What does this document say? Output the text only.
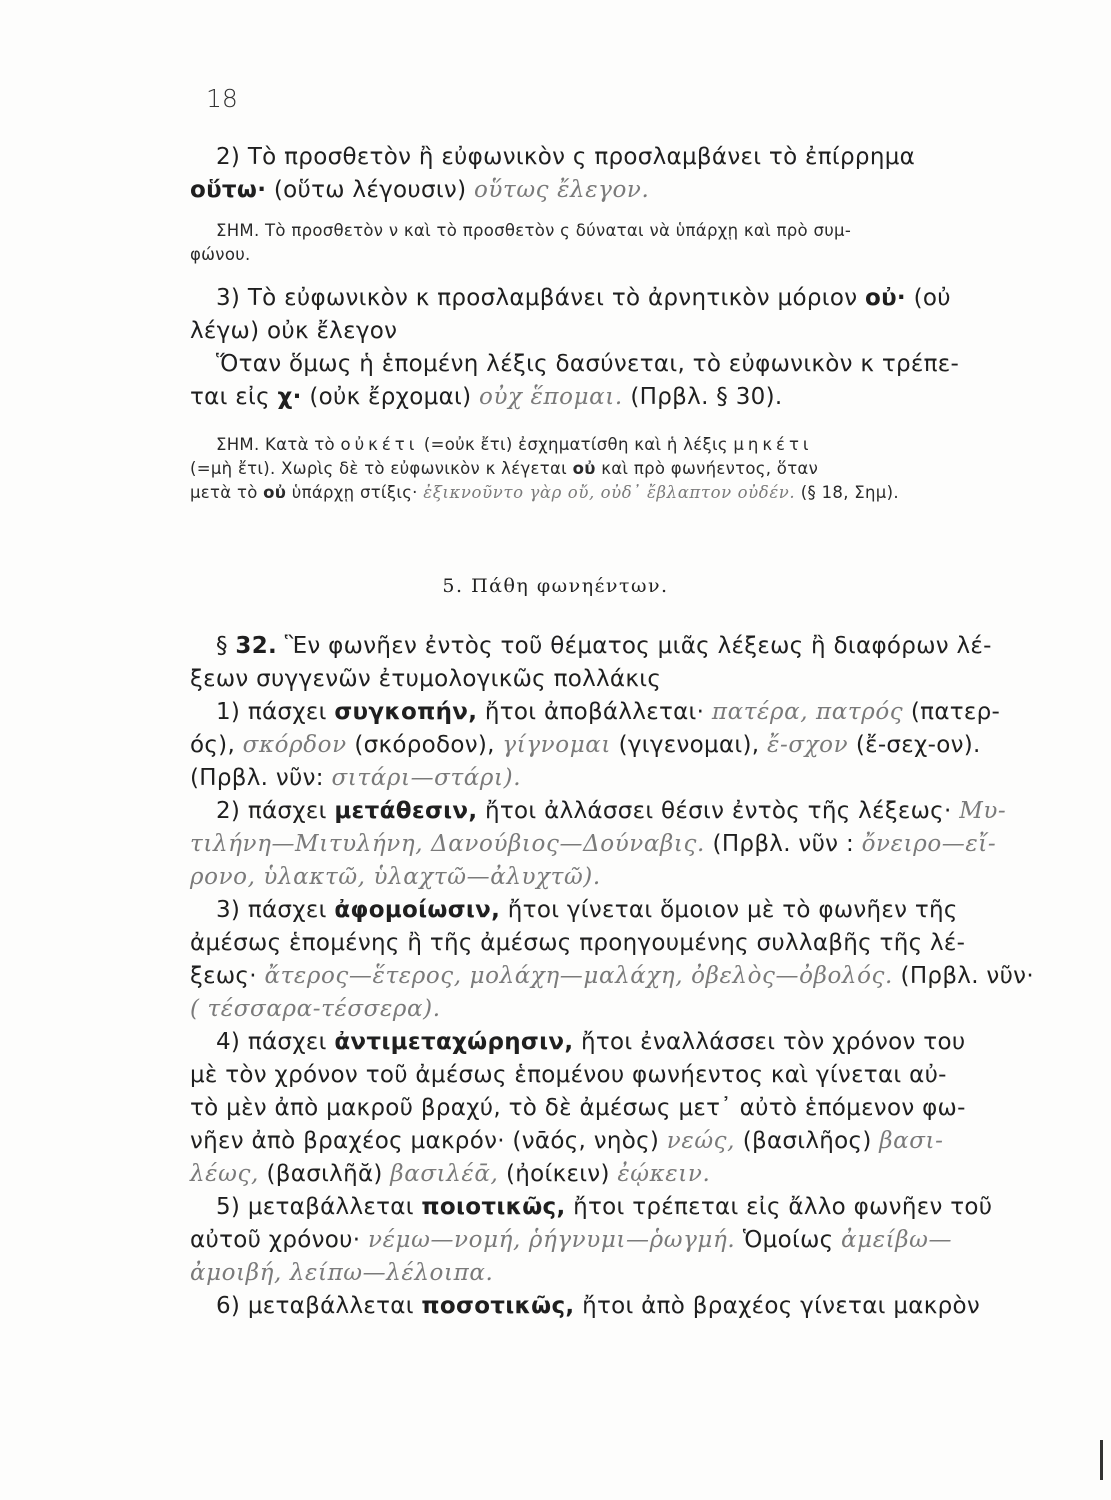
18
2) Τὸ προσθετὸν ἢ εὐφωνικὸν ς προσλαμβάνει τὸ ἐπίρρημα
οὕτω· (οὕτω λέγουσιν) οὕτως ἔλεγον.
ΣΗΜ. Τὸ προσθετὸν ν καὶ τὸ προσθετὸν ς δύναται νὰ ὑπάρχῃ καὶ πρὸ συμ-
φώνου.
3) Τὸ εὐφωνικὸν κ προσλαμβάνει τὸ ἀρνητικὸν μόριον οὐ· (οὐ
λέγω) οὐκ ἔλεγον
Ὅταν ὅμως ἡ ἑπομένη λέξις δασύνεται, τὸ εὐφωνικὸν κ τρέπε-
ται εἰς χ· (οὐκ ἔρχομαι) οὐχ ἕπομαι. (Πρβλ. § 30).
ΣΗΜ. Κατὰ τὸ οὐκέτι (=οὐκ ἔτι) ἐσχηματίσθη καὶ ἡ λέξις μηκέτι
(=μὴ ἔτι). Χωρὶς δὲ τὸ εὐφωνικὸν κ λέγεται οὐ καὶ πρὸ φωνήεντος, ὅταν
μετὰ τὸ οὐ ὑπάρχῃ στίξις· ἐξικνοῦντο γὰρ οὔ, οὐδ᾽ ἔβλαπτον οὐδέν. (§ 18, Σημ).
5. Πάθη φωνηέντων.
§ 32. Ἓν φωνῆεν ἐντὸς τοῦ θέματος μιᾶς λέξεως ἢ διαφόρων λέ-
ξεων συγγενῶν ἐτυμολογικῶς πολλάκις
1) πάσχει συγκοπήν, ἤτοι ἀποβάλλεται· πατέρα, πατρός (πατερ-
ός), σκόρδον (σκόροδον), γίγνομαι (γιγενομαι), ἔ-σχον (ἔ-σεχ-ον).
(Πρβλ. νῦν: σιτάρι—στάρι).
2) πάσχει μετάθεσιν, ἤτοι ἀλλάσσει θέσιν ἐντὸς τῆς λέξεως· Μυ-
τιλήνη—Μιτυλήνη, Δανούβιος—Δούναβις. (Πρβλ. νῦν : ὄνειρο—εἴ-
ρονο, ὑλακτῶ, ὑλαχτῶ—ἀλυχτῶ).
3) πάσχει ἀφομοίωσιν, ἤτοι γίνεται ὅμοιον μὲ τὸ φωνῆεν τῆς
ἀμέσως ἑπομένης ἢ τῆς ἀμέσως προηγουμένης συλλαβῆς τῆς λέ-
ξεως· ἄτερος—ἕτερος, μολάχη—μαλάχη, ὀβελὸς—ὀβολός. (Πρβλ. νῦν·
( τέσσαρα-τέσσερα).
4) πάσχει ἀντιμεταχώρησιν, ἤτοι ἐναλλάσσει τὸν χρόνον του
μὲ τὸν χρόνον τοῦ ἀμέσως ἑπομένου φωνήεντος καὶ γίνεται αὐ-
τὸ μὲν ἀπὸ μακροῦ βραχύ, τὸ δὲ ἀμέσως μετ᾽ αὐτὸ ἑπόμενον φω-
νῆεν ἀπὸ βραχέος μακρόν· (νᾱός, νηὸς) νεώς, (βασιλῆος) βασι-
λέως, (βασιλῆᾰ) βασιλέᾱ, (ἠοίκειν) ἐῴκειν.
5) μεταβάλλεται ποιοτικῶς, ἤτοι τρέπεται εἰς ἄλλο φωνῆεν τοῦ
αὐτοῦ χρόνου· νέμω—νομή, ῥήγνυμι—ῥωγμή. Ὁμοίως ἀμείβω—
ἀμοιβή, λείπω—λέλοιπα.
6) μεταβάλλεται ποσοτικῶς, ἤτοι ἀπὸ βραχέος γίνεται μακρὸν
